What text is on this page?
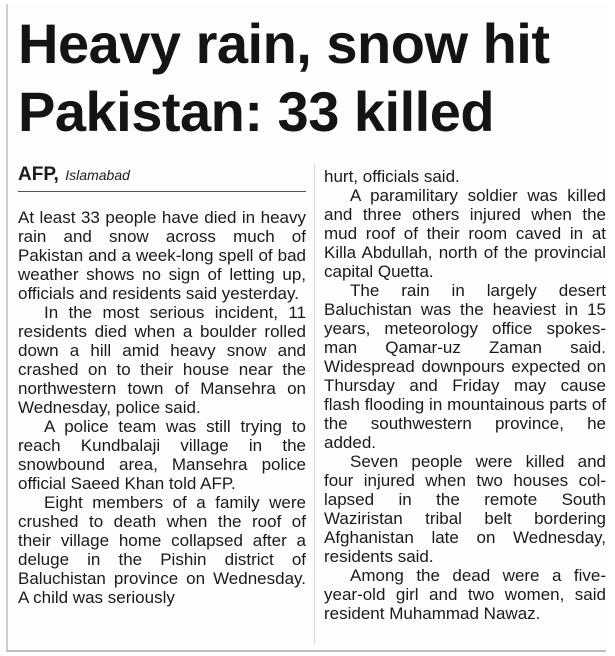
Heavy rain, snow hit
Pakistan: 33 killed
AFP, Islamabad

At least 33 people have died in heavy rain and snow across much of Pakistan and a week-long spell of bad weather shows no sign of letting up, officials and residents said yesterday.

In the most serious incident, 11 residents died when a boulder rolled down a hill amid heavy snow and crashed on to their house near the northwestern town of Mansehra on Wednesday, police said.

A police team was still trying to reach Kundbalaji village in the snowbound area, Mansehra police official Saeed Khan told AFP.

Eight members of a family were crushed to death when the roof of their village home collapsed after a deluge in the Pishin district of Baluchistan province on Wednesday. A child was seriously

hurt, officials said.

A paramilitary soldier was killed and three others injured when the mud roof of their room caved in at Killa Abdullah, north of the provincial capital Quetta.

The rain in largely desert Baluchistan was the heaviest in 15 years, meteorology office spokes-man Qamar-uz Zaman said. Widespread downpours expected on Thursday and Friday may cause flash flooding in mountainous parts of the southwestern province, he added.

Seven people were killed and four injured when two houses col-lapsed in the remote South Waziristan tribal belt bordering Afghanistan late on Wednesday, residents said.

Among the dead were a five-year-old girl and two women, said resident Muhammad Nawaz.
